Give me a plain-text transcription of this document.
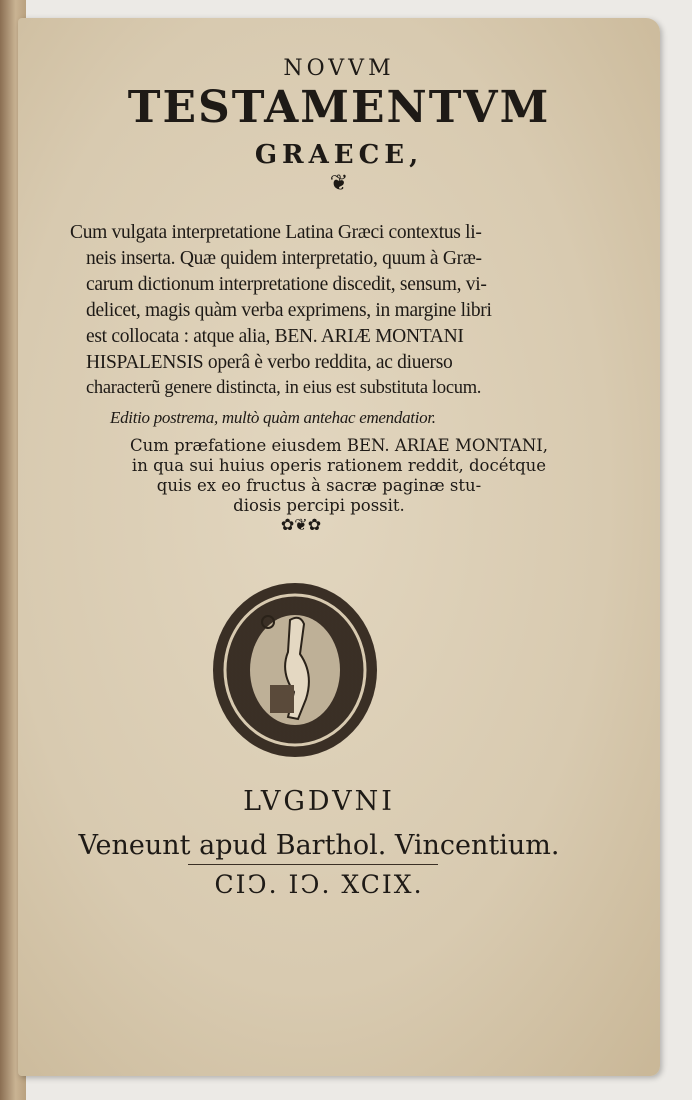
NOVVM
TESTAMENTVM
GRAECE,
❦
Cum vulgata interpretatione Latina Græci contextus li-
neis inserta. Quæ quidem interpretatio, quum à Græ-
carum dictionum interpretatione discedit, sensum, vi-
delicet, magis quàm verba exprimens, in margine libri
est collocata : atque alia, BEN. ARIÆ MONTANI
HISPALENSIS operâ è verbo reddita, ac diuerso
characterũ genere distincta, in eius est substituta locum.
Editio postrema, multò quàm antehac emendatior.
Cum præfatione eiusdem BEN. ARIAE MONTANI,
in qua sui huius operis rationem reddit, docétque
quis ex eo fructus à sacræ paginæ stu-
diosis percipi possit.
✿❦✿
LVGDVNI
Veneunt apud Barthol. Vincentium.
CIↃ. IↃ. XCIX.
